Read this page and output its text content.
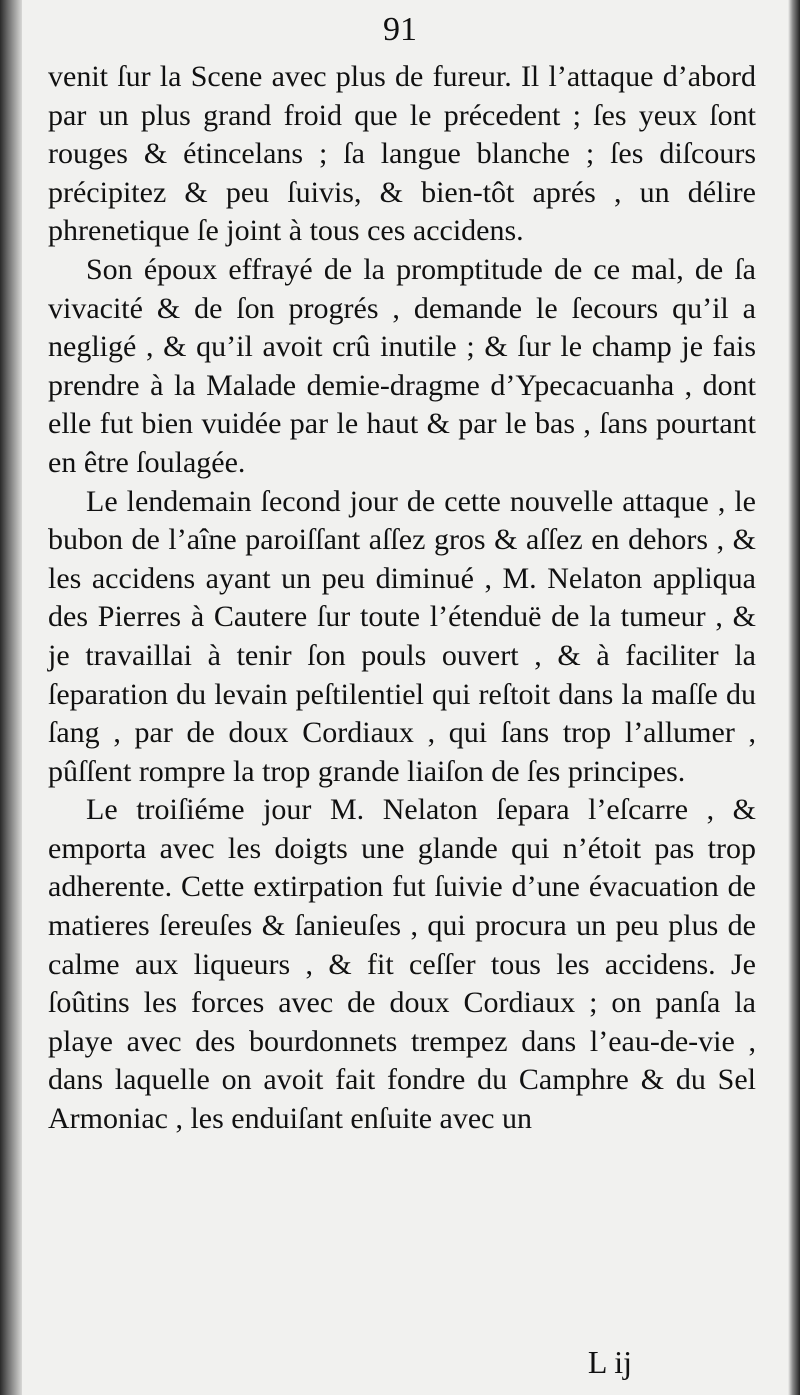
91

venit ſur la Scene avec plus de fureur. Il l’attaque d’abord par un plus grand froid que le précedent ; ſes yeux ſont rouges & étincelans ; ſa langue blanche ; ſes diſcours précipitez & peu ſuivis, & bien-tôt aprés , un délire phrenetique ſe joint à tous ces accidens.

Son époux effrayé de la promptitude de ce mal, de ſa vivacité & de ſon progrés , demande le ſecours qu’il a negligé , & qu’il avoit crû inutile ; & ſur le champ je fais prendre à la Malade demie-dragme d’Ypecacuanha , dont elle fut bien vuidée par le haut & par le bas , ſans pourtant en être ſoulagée.

Le lendemain ſecond jour de cette nouvelle attaque , le bubon de l’aîne paroiſſant aſſez gros & aſſez en dehors , & les accidens ayant un peu diminué , M. Nelaton appliqua des Pierres à Cautere ſur toute l’étenduë de la tumeur , & je travaillai à tenir ſon pouls ouvert , & à faciliter la ſeparation du levain peſtilentiel qui reſtoit dans la maſſe du ſang , par de doux Cordiaux , qui ſans trop l’allumer , pûſſent rompre la trop grande liaiſon de ſes principes.

Le troiſiéme jour M. Nelaton ſepara l’eſcarre , & emporta avec les doigts une glande qui n’étoit pas trop adherente. Cette extirpation fut ſuivie d’une évacuation de matieres ſereuſes & ſanieuſes , qui procura un peu plus de calme aux liqueurs , & fit ceſſer tous les accidens. Je ſoûtins les forces avec de doux Cordiaux ; on panſa la playe avec des bourdonnets trempez dans l’eau-de-vie , dans laquelle on avoit fait fondre du Camphre & du Sel Armoniac , les enduiſant enſuite avec un

L ij
